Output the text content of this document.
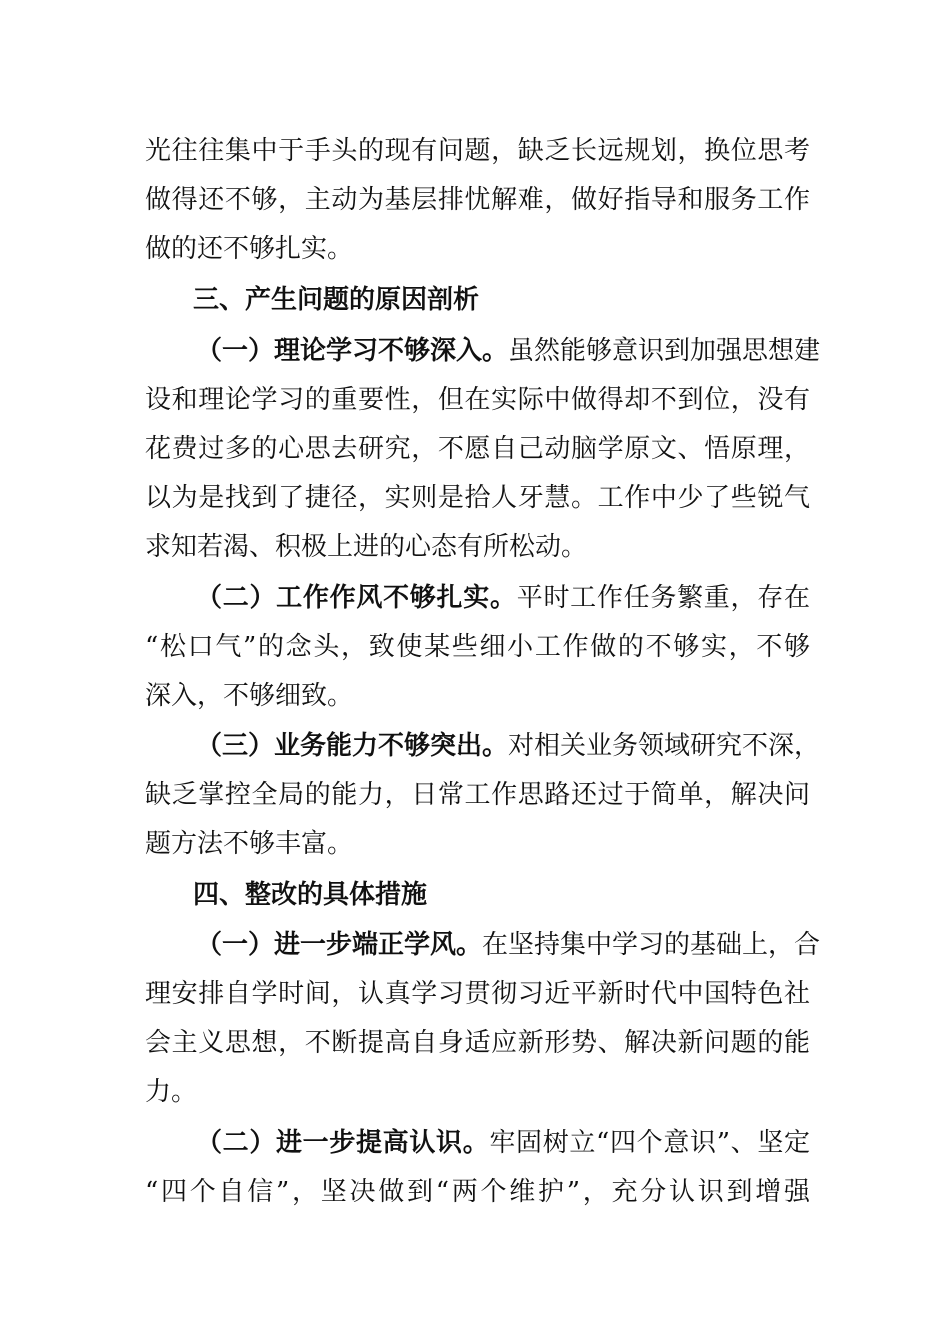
光往往集中于手头的现有问题，缺乏长远规划，换位思考
做得还不够，主动为基层排忧解难，做好指导和服务工作
做的还不够扎实。
三、产生问题的原因剖析
（一）理论学习不够深入。虽然能够意识到加强思想建
设和理论学习的重要性，但在实际中做得却不到位，没有
花费过多的心思去研究，不愿自己动脑学原文、悟原理，
以为是找到了捷径，实则是拾人牙慧。工作中少了些锐气
求知若渴、积极上进的心态有所松动。
（二）工作作风不够扎实。平时工作任务繁重，存在
“松口气”的念头，致使某些细小工作做的不够实，不够
深入，不够细致。
（三）业务能力不够突出。对相关业务领域研究不深，
缺乏掌控全局的能力，日常工作思路还过于简单，解决问
题方法不够丰富。
四、整改的具体措施
（一）进一步端正学风。在坚持集中学习的基础上，合
理安排自学时间，认真学习贯彻习近平新时代中国特色社
会主义思想，不断提高自身适应新形势、解决新问题的能
力。
（二）进一步提高认识。牢固树立“四个意识”、坚定
“四个自信”，坚决做到“两个维护”，充分认识到增强
